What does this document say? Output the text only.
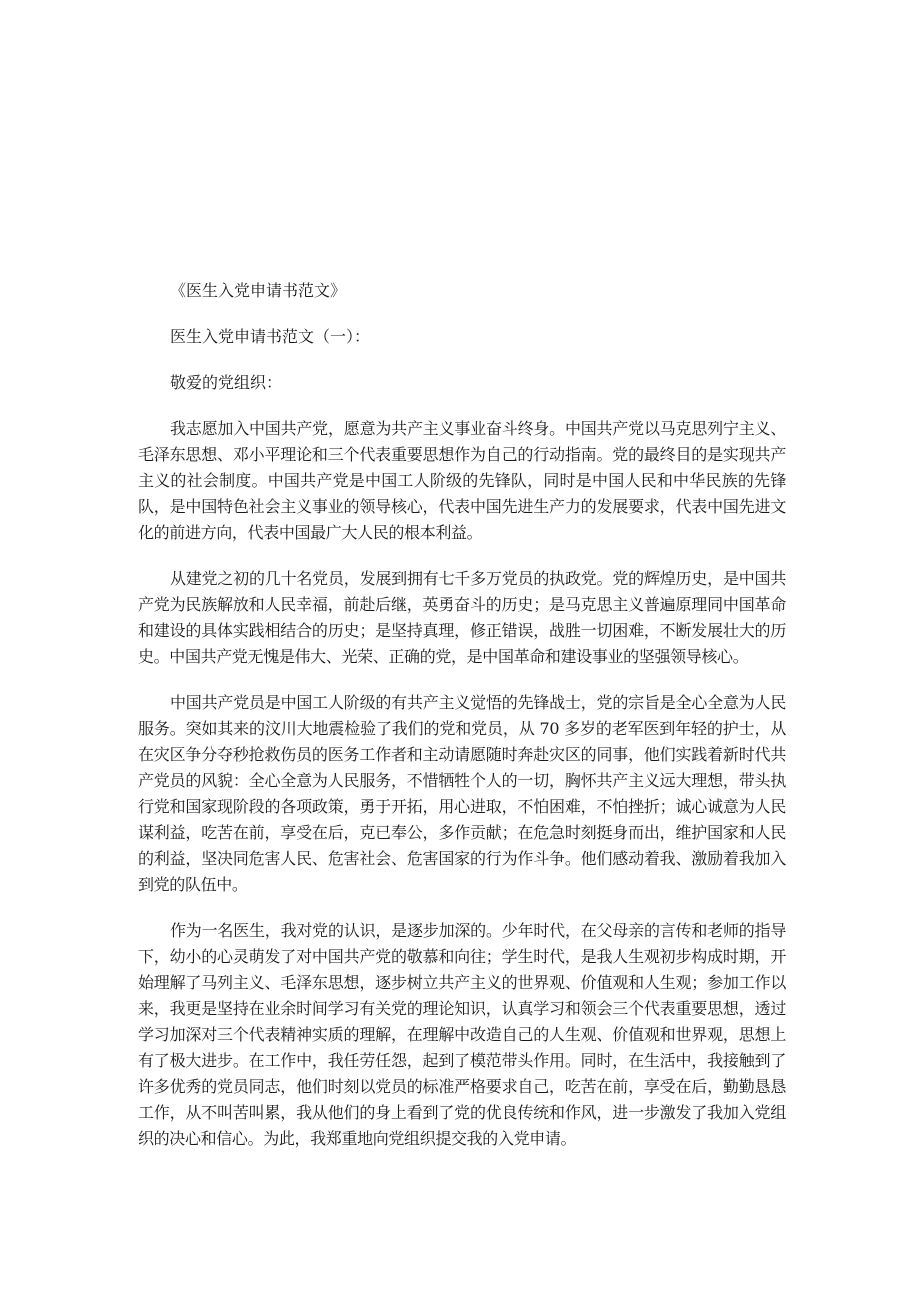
《医生入党申请书范文》

医生入党申请书范文（一）：

敬爱的党组织：

我志愿加入中国共产党，愿意为共产主义事业奋斗终身。中国共产党以马克思列宁主义、毛泽东思想、邓小平理论和三个代表重要思想作为自己的行动指南。党的最终目的是实现共产主义的社会制度。中国共产党是中国工人阶级的先锋队，同时是中国人民和中华民族的先锋队，是中国特色社会主义事业的领导核心，代表中国先进生产力的发展要求，代表中国先进文化的前进方向，代表中国最广大人民的根本利益。

从建党之初的几十名党员，发展到拥有七千多万党员的执政党。党的辉煌历史，是中国共产党为民族解放和人民幸福，前赴后继，英勇奋斗的历史；是马克思主义普遍原理同中国革命和建设的具体实践相结合的历史；是坚持真理，修正错误，战胜一切困难，不断发展壮大的历史。中国共产党无愧是伟大、光荣、正确的党，是中国革命和建设事业的坚强领导核心。

中国共产党员是中国工人阶级的有共产主义觉悟的先锋战士，党的宗旨是全心全意为人民服务。突如其来的汶川大地震检验了我们的党和党员，从 70 多岁的老军医到年轻的护士，从在灾区争分夺秒抢救伤员的医务工作者和主动请愿随时奔赴灾区的同事，他们实践着新时代共产党员的风貌：全心全意为人民服务，不惜牺牲个人的一切，胸怀共产主义远大理想，带头执行党和国家现阶段的各项政策，勇于开拓，用心进取，不怕困难，不怕挫折；诚心诚意为人民谋利益，吃苦在前，享受在后，克已奉公，多作贡献；在危急时刻挺身而出，维护国家和人民的利益，坚决同危害人民、危害社会、危害国家的行为作斗争。他们感动着我、激励着我加入到党的队伍中。

作为一名医生，我对党的认识，是逐步加深的。少年时代，在父母亲的言传和老师的指导下，幼小的心灵萌发了对中国共产党的敬慕和向往；学生时代，是我人生观初步构成时期，开始理解了马列主义、毛泽东思想，逐步树立共产主义的世界观、价值观和人生观；参加工作以来，我更是坚持在业余时间学习有关党的理论知识，认真学习和领会三个代表重要思想，透过学习加深对三个代表精神实质的理解，在理解中改造自己的人生观、价值观和世界观，思想上有了极大进步。在工作中，我任劳任怨，起到了模范带头作用。同时，在生活中，我接触到了许多优秀的党员同志，他们时刻以党员的标准严格要求自己，吃苦在前，享受在后，勤勤恳恳工作，从不叫苦叫累，我从他们的身上看到了党的优良传统和作风，进一步激发了我加入党组织的决心和信心。为此，我郑重地向党组织提交我的入党申请。
